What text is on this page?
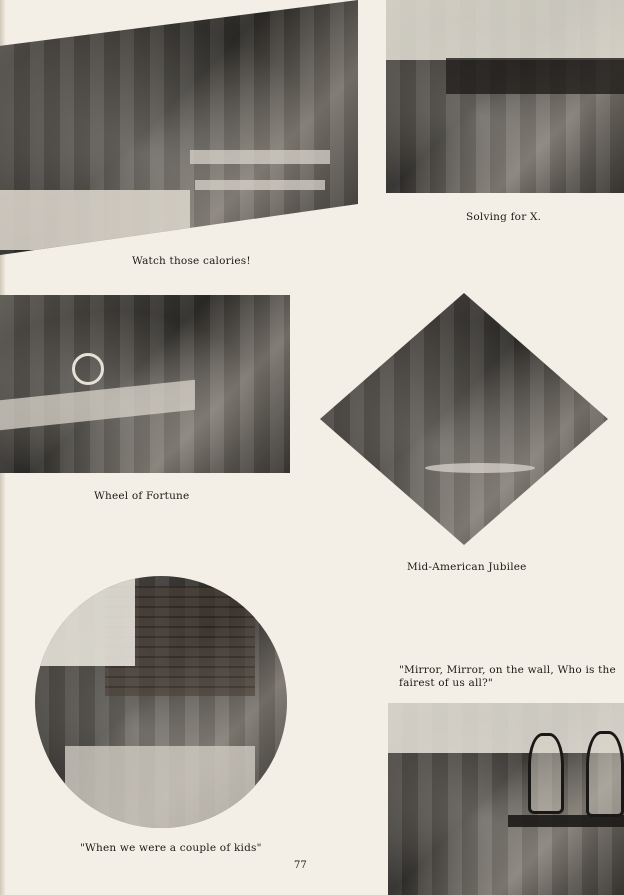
Watch those calories!
Solving for X.
Wheel of Fortune
Mid-American Jubilee
"When we were a couple of kids"
"Mirror, Mirror, on the wall, Who is the
fairest of us all?"
77
